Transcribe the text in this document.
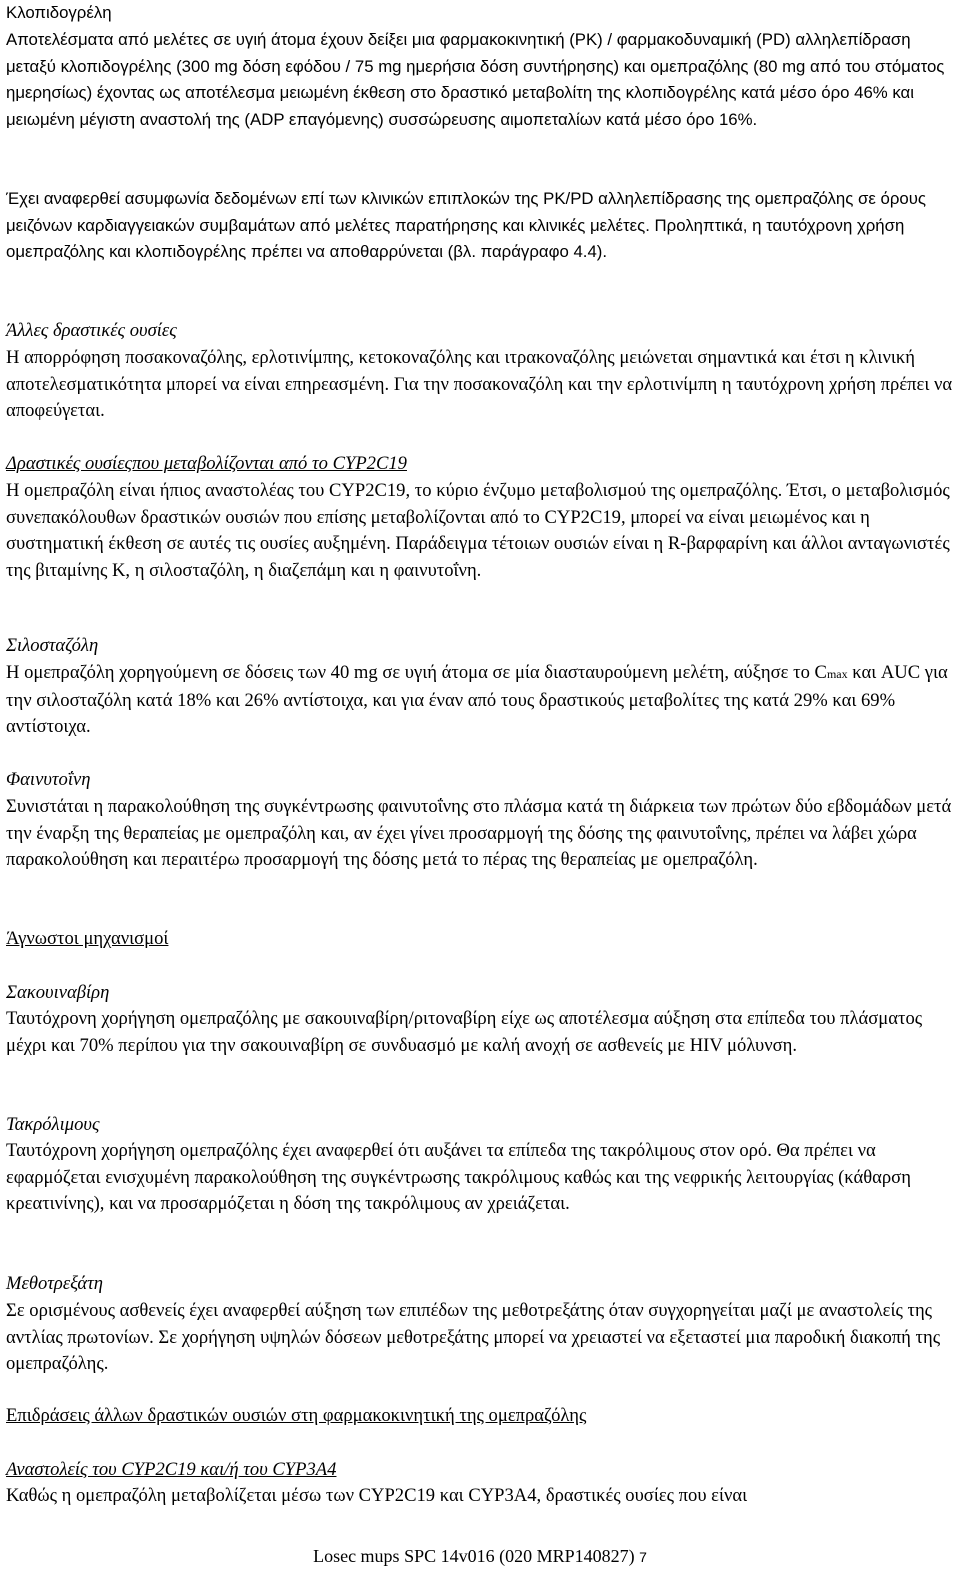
Κλοπιδογρέλη

Αποτελέσματα από μελέτες σε υγιή άτομα έχουν δείξει μια φαρμακοκινητική (PK) / φαρμακοδυναμική (PD) αλληλεπίδραση μεταξύ κλοπιδογρέλης (300 mg δόση εφόδου / 75 mg ημερήσια δόση συντήρησης) και ομεπραζόλης (80 mg από του στόματος ημερησίως) έχοντας ως αποτέλεσμα μειωμένη έκθεση στο δραστικό μεταβολίτη της κλοπιδογρέλης κατά μέσο όρο 46% και μειωμένη μέγιστη αναστολή της (ADP επαγόμενης) συσσώρευσης αιμοπεταλίων κατά μέσο όρο 16%.

Έχει αναφερθεί ασυμφωνία δεδομένων επί των κλινικών επιπλοκών της PK/PD αλληλεπίδρασης της ομεπραζόλης σε όρους μειζόνων καρδιαγγειακών συμβαμάτων από μελέτες παρατήρησης και κλινικές μελέτες. Προληπτικά, η ταυτόχρονη χρήση ομεπραζόλης και κλοπιδογρέλης πρέπει να αποθαρρύνεται (βλ. παράγραφο 4.4).

Άλλες δραστικές ουσίες

Η απορρόφηση ποσακοναζόλης, ερλοτινίμπης, κετοκοναζόλης και ιτρακοναζόλης μειώνεται σημαντικά και έτσι η κλινική αποτελεσματικότητα μπορεί να είναι επηρεασμένη. Για την ποσακοναζόλη και την ερλοτινίμπη η ταυτόχρονη χρήση πρέπει να αποφεύγεται.

Δραστικές ουσίεςπου μεταβολίζονται από το CYP2C19

Η ομεπραζόλη είναι ήπιος αναστολέας του CYP2C19, το κύριο ένζυμο μεταβολισμού της ομεπραζόλης. Έτσι, ο μεταβολισμός συνεπακόλουθων δραστικών ουσιών που επίσης μεταβολίζονται από το CYP2C19, μπορεί να είναι μειωμένος και η συστηματική έκθεση σε αυτές τις ουσίες αυξημένη. Παράδειγμα τέτοιων ουσιών είναι η R-βαρφαρίνη και άλλοι ανταγωνιστές της βιταμίνης Κ, η σιλοσταζόλη, η διαζεπάμη και η φαινυτοΐνη.

Σιλοσταζόλη

Η ομεπραζόλη χορηγούμενη σε δόσεις των 40 mg σε υγιή άτομα σε μία διασταυρούμενη μελέτη, αύξησε το Cmax και AUC για την σιλοσταζόλη κατά 18% και 26% αντίστοιχα, και για έναν από τους δραστικούς μεταβολίτες της κατά 29% και 69% αντίστοιχα.

Φαινυτοΐνη

Συνιστάται η παρακολούθηση της συγκέντρωσης φαινυτοΐνης στο πλάσμα κατά τη διάρκεια των πρώτων δύο εβδομάδων μετά την έναρξη της θεραπείας με ομεπραζόλη και, αν έχει γίνει προσαρμογή της δόσης της φαινυτοΐνης, πρέπει να λάβει χώρα παρακολούθηση και περαιτέρω προσαρμογή της δόσης μετά το πέρας της θεραπείας με ομεπραζόλη.

Άγνωστοι μηχανισμοί

Σακουιναβίρη

Ταυτόχρονη χορήγηση ομεπραζόλης με σακουιναβίρη/ριτοναβίρη είχε ως αποτέλεσμα αύξηση στα επίπεδα του πλάσματος μέχρι και 70% περίπου για την σακουιναβίρη σε συνδυασμό με καλή ανοχή σε ασθενείς με HIV μόλυνση.

Τακρόλιμους

Ταυτόχρονη χορήγηση ομεπραζόλης έχει αναφερθεί ότι αυξάνει τα επίπεδα της τακρόλιμους στον ορό. Θα πρέπει να εφαρμόζεται ενισχυμένη παρακολούθηση της συγκέντρωσης τακρόλιμους καθώς και της νεφρικής λειτουργίας (κάθαρση κρεατινίνης), και να προσαρμόζεται η δόση της τακρόλιμους αν χρειάζεται.

Μεθοτρεξάτη

Σε ορισμένους ασθενείς έχει αναφερθεί αύξηση των επιπέδων της μεθοτρεξάτης όταν συγχορηγείται μαζί με αναστολείς της αντλίας πρωτονίων. Σε χορήγηση υψηλών δόσεων μεθοτρεξάτης μπορεί να χρειαστεί να εξεταστεί μια παροδική διακοπή της ομεπραζόλης.

Επιδράσεις άλλων δραστικών ουσιών στη φαρμακοκινητική της ομεπραζόλης

Αναστολείς του CYP2C19 και/ή του CYP3A4

Καθώς η ομεπραζόλη μεταβολίζεται μέσω των CYP2C19 και CYP3A4, δραστικές ουσίες που είναι

Losec mups SPC 14v016 (020 MRP140827) 7
